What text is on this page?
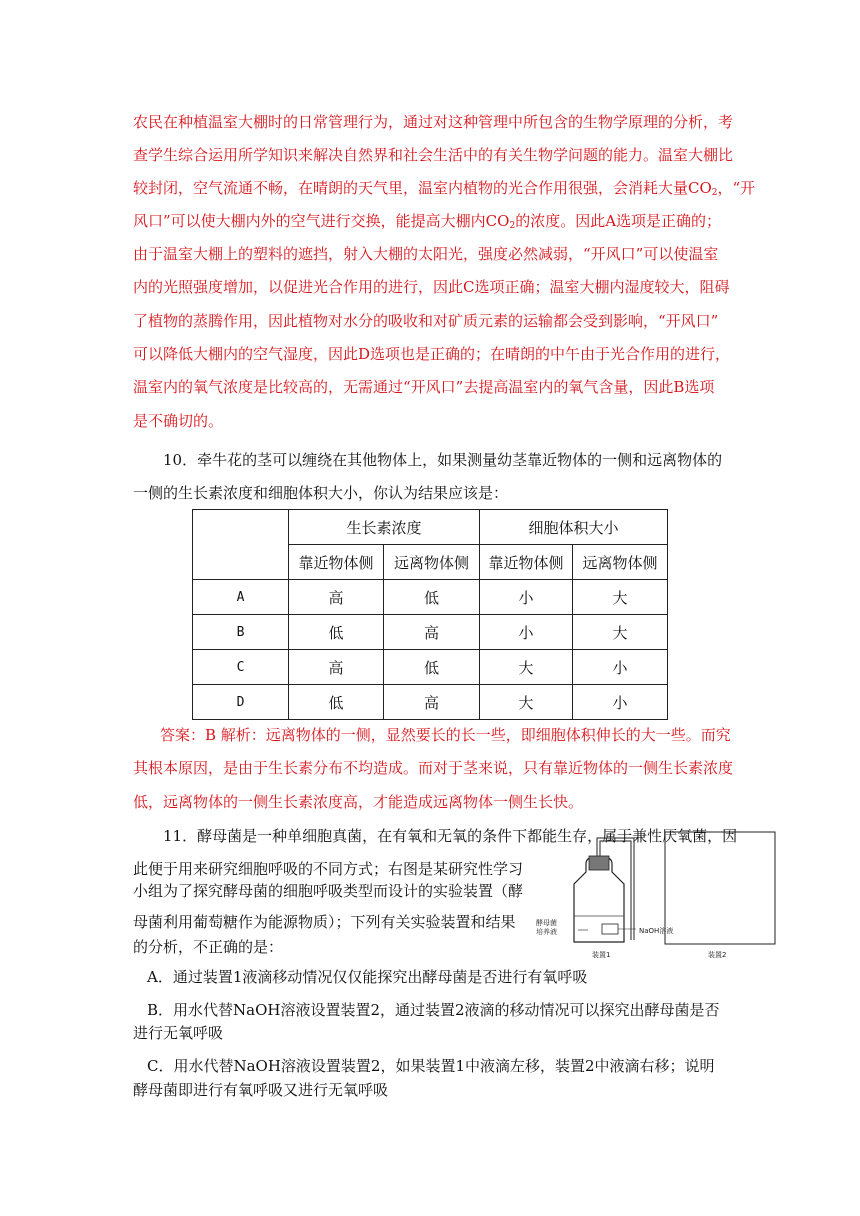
农民在种植温室大棚时的日常管理行为，通过对这种管理中所包含的生物学原理的分析，考
查学生综合运用所学知识来解决自然界和社会生活中的有关生物学问题的能力。温室大棚比
较封闭，空气流通不畅，在晴朗的天气里，温室内植物的光合作用很强，会消耗大量$CO_2$，“开
风口”可以使大棚内外的空气进行交换，能提高大棚内$CO_2$的浓度。因此A选项是正确的；
由于温室大棚上的塑料的遮挡，射入大棚的太阳光，强度必然减弱，“开风口”可以使温室
内的光照强度增加，以促进光合作用的进行，因此C选项正确；温室大棚内湿度较大，阻碍
了植物的蒸腾作用，因此植物对水分的吸收和对矿质元素的运输都会受到影响，“开风口”
可以降低大棚内的空气湿度，因此D选项也是正确的；在晴朗的中午由于光合作用的进行，
温室内的氧气浓度是比较高的，无需通过“开风口”去提高温室内的氧气含量，因此B选项
是不确切的。
10．牵牛花的茎可以缠绕在其他物体上，如果测量幼茎靠近物体的一侧和远离物体的
一侧的生长素浓度和细胞体积大小，你认为结果应该是：
	生长素浓度		细胞体积大小	
	靠近物体侧	远离物体侧	靠近物体侧	远离物体侧
A	高	低	小	大
B	低	高	小	大
C	高	低	大	小
D	低	高	大	小
答案：B 解析：远离物体的一侧，显然要长的长一些，即细胞体积伸长的大一些。而究
其根本原因，是由于生长素分布不均造成。而对于茎来说，只有靠近物体的一侧生长素浓度
低，远离物体的一侧生长素浓度高，才能造成远离物体一侧生长快。
11．酵母菌是一种单细胞真菌，在有氧和无氧的条件下都能生存，属于兼性厌氧菌，因
此便于用来研究细胞呼吸的不同方式；右图是某研究性学习
小组为了探究酵母菌的细胞呼吸类型而设计的实验装置（酵
母菌利用葡萄糖作为能源物质）；下列有关实验装置和结果
的分析，不正确的是：
酵母菌
培养液	NaOH溶液
装置1	装置2
A．通过装置1液滴移动情况仅仅能探究出酵母菌是否进行有氧呼吸
B．用水代替NaOH溶液设置装置2，通过装置2液滴的移动情况可以探究出酵母菌是否
进行无氧呼吸
C．用水代替NaOH溶液设置装置2，如果装置1中液滴左移，装置2中液滴右移；说明
酵母菌即进行有氧呼吸又进行无氧呼吸
